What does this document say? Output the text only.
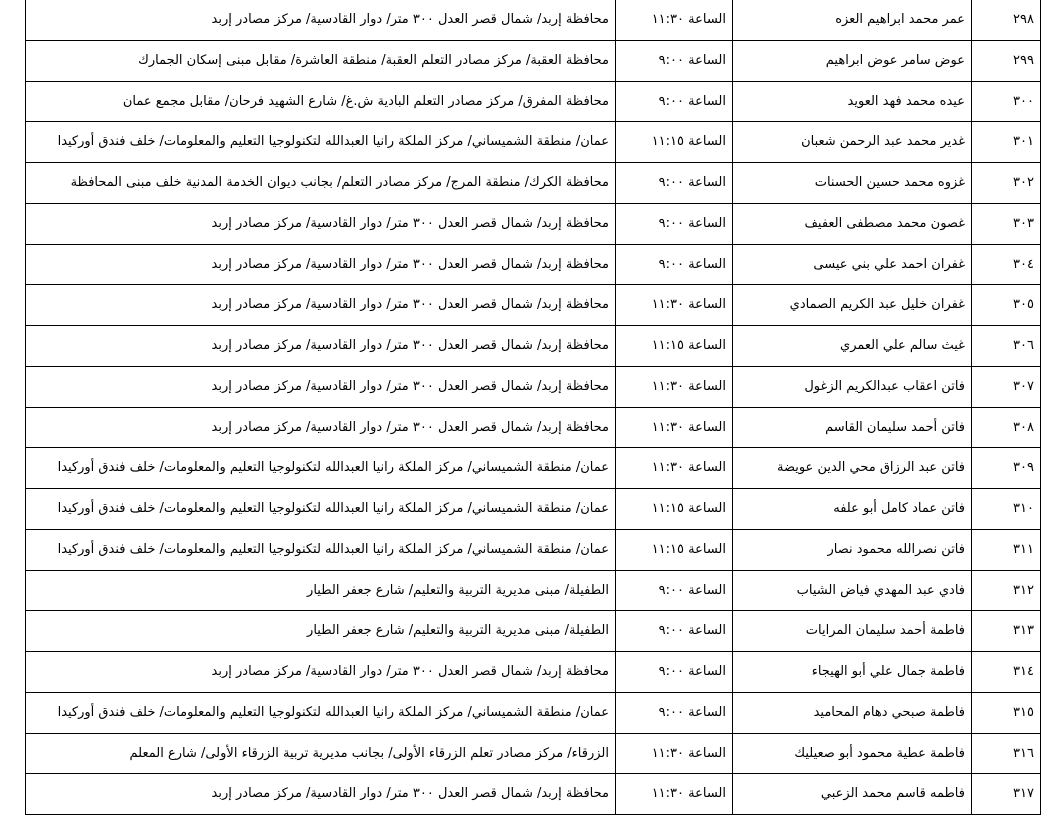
٢٩٨	عمر محمد ابراهيم العزه	الساعة ١١:٣٠	محافظة إربد/ شمال قصر العدل ٣٠٠ متر/ دوار القادسية/ مركز مصادر إربد
٢٩٩	عوض سامر عوض ابراهيم	الساعة ٩:٠٠	محافظة العقبة/ مركز مصادر التعلم العقبة/ منطقة العاشرة/ مقابل مبنى إسكان الجمارك
٣٠٠	عيده محمد فهد العويد	الساعة ٩:٠٠	محافظة المفرق/ مركز مصادر التعلم البادية ش.غ/ شارع الشهيد فرحان/ مقابل مجمع عمان
٣٠١	غدير محمد عبد الرحمن شعبان	الساعة ١١:١٥	عمان/ منطقة الشميساني/ مركز الملكة رانيا العبدالله لتكنولوجيا التعليم والمعلومات/ خلف فندق أوركيدا
٣٠٢	غزوه محمد حسين الحسنات	الساعة ٩:٠٠	محافظة الكرك/ منطقة المرج/ مركز مصادر التعلم/ بجانب ديوان الخدمة المدنية خلف مبنى المحافظة
٣٠٣	غصون محمد مصطفى العفيف	الساعة ٩:٠٠	محافظة إربد/ شمال قصر العدل ٣٠٠ متر/ دوار القادسية/ مركز مصادر إربد
٣٠٤	غفران احمد علي بني عيسى	الساعة ٩:٠٠	محافظة إربد/ شمال قصر العدل ٣٠٠ متر/ دوار القادسية/ مركز مصادر إربد
٣٠٥	غفران خليل عبد الكريم الصمادي	الساعة ١١:٣٠	محافظة إربد/ شمال قصر العدل ٣٠٠ متر/ دوار القادسية/ مركز مصادر إربد
٣٠٦	غيث سالم علي العمري	الساعة ١١:١٥	محافظة إربد/ شمال قصر العدل ٣٠٠ متر/ دوار القادسية/ مركز مصادر إربد
٣٠٧	فاتن اعقاب عبدالكريم الزغول	الساعة ١١:٣٠	محافظة إربد/ شمال قصر العدل ٣٠٠ متر/ دوار القادسية/ مركز مصادر إربد
٣٠٨	فاتن أحمد سليمان القاسم	الساعة ١١:٣٠	محافظة إربد/ شمال قصر العدل ٣٠٠ متر/ دوار القادسية/ مركز مصادر إربد
٣٠٩	فاتن عبد الرزاق محي الدين عويضة	الساعة ١١:٣٠	عمان/ منطقة الشميساني/ مركز الملكة رانيا العبدالله لتكنولوجيا التعليم والمعلومات/ خلف فندق أوركيدا
٣١٠	فاتن عماد كامل أبو علفه	الساعة ١١:١٥	عمان/ منطقة الشميساني/ مركز الملكة رانيا العبدالله لتكنولوجيا التعليم والمعلومات/ خلف فندق أوركيدا
٣١١	فاتن نصرالله محمود نصار	الساعة ١١:١٥	عمان/ منطقة الشميساني/ مركز الملكة رانيا العبدالله لتكنولوجيا التعليم والمعلومات/ خلف فندق أوركيدا
٣١٢	فادي عبد المهدي فياض الشياب	الساعة ٩:٠٠	الطفيلة/ مبنى مديرية التربية والتعليم/ شارع جعفر الطيار
٣١٣	فاطمة أحمد سليمان المرايات	الساعة ٩:٠٠	الطفيلة/ مبنى مديرية التربية والتعليم/ شارع جعفر الطيار
٣١٤	فاطمة جمال علي أبو الهيجاء	الساعة ٩:٠٠	محافظة إربد/ شمال قصر العدل ٣٠٠ متر/ دوار القادسية/ مركز مصادر إربد
٣١٥	فاطمة صبحي دهام المحاميد	الساعة ٩:٠٠	عمان/ منطقة الشميساني/ مركز الملكة رانيا العبدالله لتكنولوجيا التعليم والمعلومات/ خلف فندق أوركيدا
٣١٦	فاطمة عطية محمود أبو صعيليك	الساعة ١١:٣٠	الزرقاء/ مركز مصادر تعلم الزرقاء الأولى/ بجانب مديرية تربية الزرقاء الأولى/ شارع المعلم
٣١٧	فاطمه قاسم محمد الزعبي	الساعة ١١:٣٠	محافظة إربد/ شمال قصر العدل ٣٠٠ متر/ دوار القادسية/ مركز مصادر إربد
